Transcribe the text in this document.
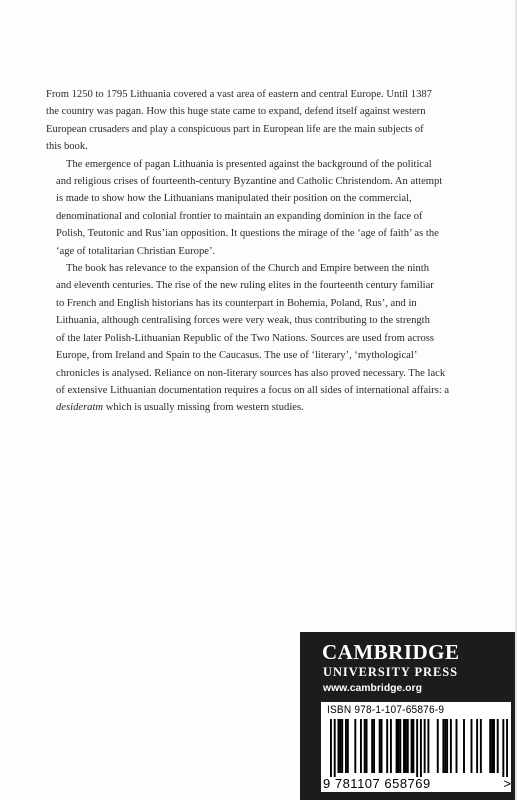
From 1250 to 1795 Lithuania covered a vast area of eastern and central Europe. Until 1387
the country was pagan. How this huge state came to expand, defend itself against western
European crusaders and play a conspicuous part in European life are the main subjects of
this book.

The emergence of pagan Lithuania is presented against the background of the political
and religious crises of fourteenth-century Byzantine and Catholic Christendom. An attempt
is made to show how the Lithuanians manipulated their position on the commercial,
denominational and colonial frontier to maintain an expanding dominion in the face of
Polish, Teutonic and Rus’ian opposition. It questions the mirage of the ‘age of faith’ as the
‘age of totalitarian Christian Europe’.

The book has relevance to the expansion of the Church and Empire between the ninth
and eleventh centuries. The rise of the new ruling elites in the fourteenth century familiar
to French and English historians has its counterpart in Bohemia, Poland, Rus’, and in
Lithuania, although centralising forces were very weak, thus contributing to the strength
of the later Polish-Lithuanian Republic of the Two Nations. Sources are used from across
Europe, from Ireland and Spain to the Caucasus. The use of ‘literary’, ‘mythological’
chronicles is analysed. Reliance on non-literary sources has also proved necessary. The lack
of extensive Lithuanian documentation requires a focus on all sides of international affairs: a
desideratm which is usually missing from western studies.

CAMBRIDGE
UNIVERSITY PRESS
www.cambridge.org
ISBN 978-1-107-65876-9
9 781107 658769	>
